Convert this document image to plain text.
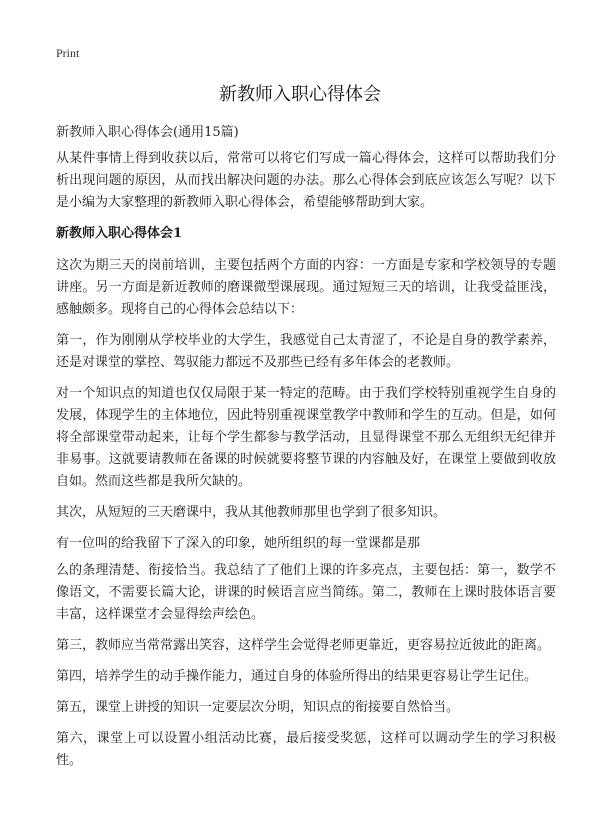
Print
新教师入职心得体会
新教师入职心得体会(通用15篇)

从某件事情上得到收获以后，常常可以将它们写成一篇心得体会，这样可以帮助我们分析出现问题的原因，从而找出解决问题的办法。那么心得体会到底应该怎么写呢？以下是小编为大家整理的新教师入职心得体会，希望能够帮助到大家。

新教师入职心得体会1

这次为期三天的岗前培训，主要包括两个方面的内容：一方面是专家和学校领导的专题讲座。另一方面是新近教师的磨课微型课展现。通过短短三天的培训，让我受益匪浅，感触颇多。现将自己的心得体会总结以下：

第一，作为刚刚从学校毕业的大学生，我感觉自己太青涩了，不论是自身的教学素养，还是对课堂的掌控、驾驭能力都远不及那些已经有多年体会的老教师。

对一个知识点的知道也仅仅局限于某一特定的范畴。由于我们学校特别重视学生自身的发展，体现学生的主体地位，因此特别重视课堂教学中教师和学生的互动。但是，如何将全部课堂带动起来，让每个学生都参与教学活动，且显得课堂不那么无组织无纪律并非易事。这就要请教师在备课的时候就要将整节课的内容触及好，在课堂上要做到收放自如。然而这些都是我所欠缺的。

其次，从短短的三天磨课中，我从其他教师那里也学到了很多知识。

有一位叫的给我留下了深入的印象，她所组织的每一堂课都是那

么的条理清楚、衔接恰当。我总结了了他们上课的许多亮点，主要包括：第一，数学不像语文，不需要长篇大论，讲课的时候语言应当简练。第二，教师在上课时肢体语言要丰富，这样课堂才会显得绘声绘色。

第三，教师应当常常露出笑容，这样学生会觉得老师更靠近，更容易拉近彼此的距离。

第四，培养学生的动手操作能力，通过自身的体验所得出的结果更容易让学生记住。

第五，课堂上讲授的知识一定要层次分明，知识点的衔接要自然恰当。

第六，课堂上可以设置小组活动比赛，最后接受奖惩，这样可以调动学生的学习积极性。
